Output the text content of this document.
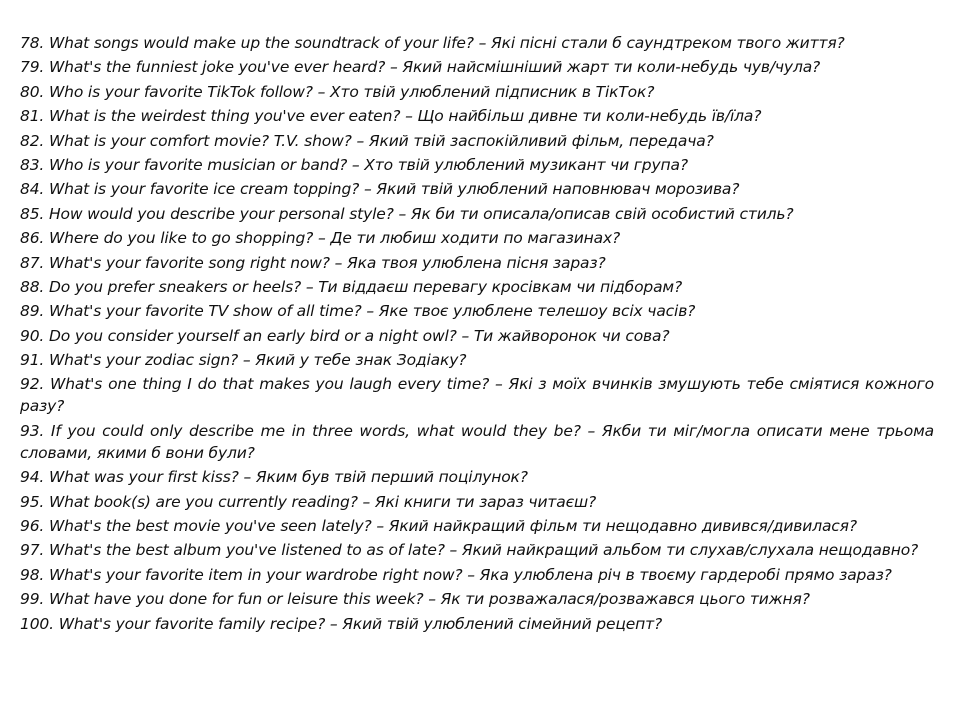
78. What songs would make up the soundtrack of your life? – Які пісні стали б саундтреком твого життя?

79. What's the funniest joke you've ever heard? – Який найсмішніший жарт ти коли-небудь чув/чула?

80. Who is your favorite TikTok follow? – Хто твій улюблений підписник в ТікТок?

81. What is the weirdest thing you've ever eaten? – Що найбільш дивне ти коли-небудь їв/їла?

82. What is your comfort movie? T.V. show? – Який твій заспокійливий фільм, передача?

83. Who is your favorite musician or band? – Хто твій улюблений музикант чи група?

84. What is your favorite ice cream topping? – Який твій улюблений наповнювач морозива?

85. How would you describe your personal style? – Як би ти описала/описав свій особистий стиль?

86. Where do you like to go shopping? – Де ти любиш ходити по магазинах?

87. What's your favorite song right now? – Яка твоя улюблена пісня зараз?

88. Do you prefer sneakers or heels? – Ти віддаєш перевагу кросівкам чи підборам?

89. What's your favorite TV show of all time? – Яке твоє улюблене телешоу всіх часів?

90. Do you consider yourself an early bird or a night owl? – Ти жайворонок чи сова?

91. What's your zodiac sign? – Який у тебе знак Зодіаку?

92. What's one thing I do that makes you laugh every time? – Які з моїх вчинків змушують тебе сміятися кожного разу?

93. If you could only describe me in three words, what would they be? – Якби ти міг/могла описати мене трьома словами, якими б вони були?

94. What was your first kiss? – Яким був твій перший поцілунок?

95. What book(s) are you currently reading? – Які книги ти зараз читаєш?

96. What's the best movie you've seen lately? – Який найкращий фільм ти нещодавно дивився/дивилася?

97. What's the best album you've listened to as of late? – Який найкращий альбом ти слухав/слухала нещодавно?

98. What's your favorite item in your wardrobe right now? – Яка улюблена річ в твоєму гардеробі прямо зараз?

99. What have you done for fun or leisure this week? – Як ти розважалася/розважався цього тижня?

100. What's your favorite family recipe? – Який твій улюблений сімейний рецепт?
